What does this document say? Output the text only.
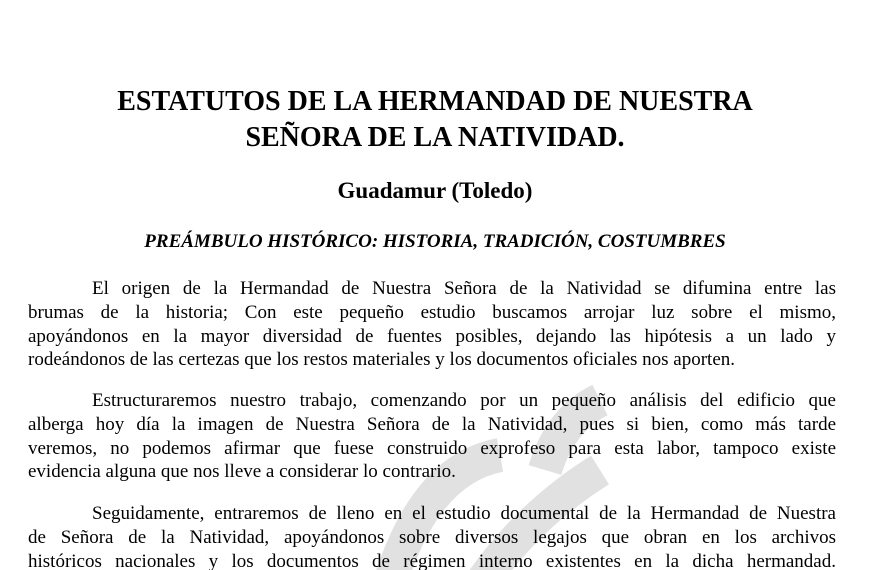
ESTATUTOS DE LA HERMANDAD DE NUESTRA
SEÑORA DE LA NATIVIDAD.
Guadamur (Toledo)
PREÁMBULO HISTÓRICO: HISTORIA, TRADICIÓN, COSTUMBRES

El origen de la Hermandad de Nuestra Señora de la Natividad se difumina entre las
brumas de la historia; Con este pequeño estudio buscamos arrojar luz sobre el mismo,
apoyándonos en la mayor diversidad de fuentes posibles, dejando las hipótesis a un lado y
rodeándonos de las certezas que los restos materiales y los documentos oficiales nos aporten.

Estructuraremos nuestro trabajo, comenzando por un pequeño análisis del edificio que
alberga hoy día la imagen de Nuestra Señora de la Natividad, pues si bien, como más tarde
veremos, no podemos afirmar que fuese construido exprofeso para esta labor, tampoco existe
evidencia alguna que nos lleve a considerar lo contrario.

Seguidamente, entraremos de lleno en el estudio documental de la Hermandad de Nuestra
de Señora de la Natividad, apoyándonos sobre diversos legajos que obran en los archivos
históricos nacionales y los documentos de régimen interno existentes en la dicha hermandad.
